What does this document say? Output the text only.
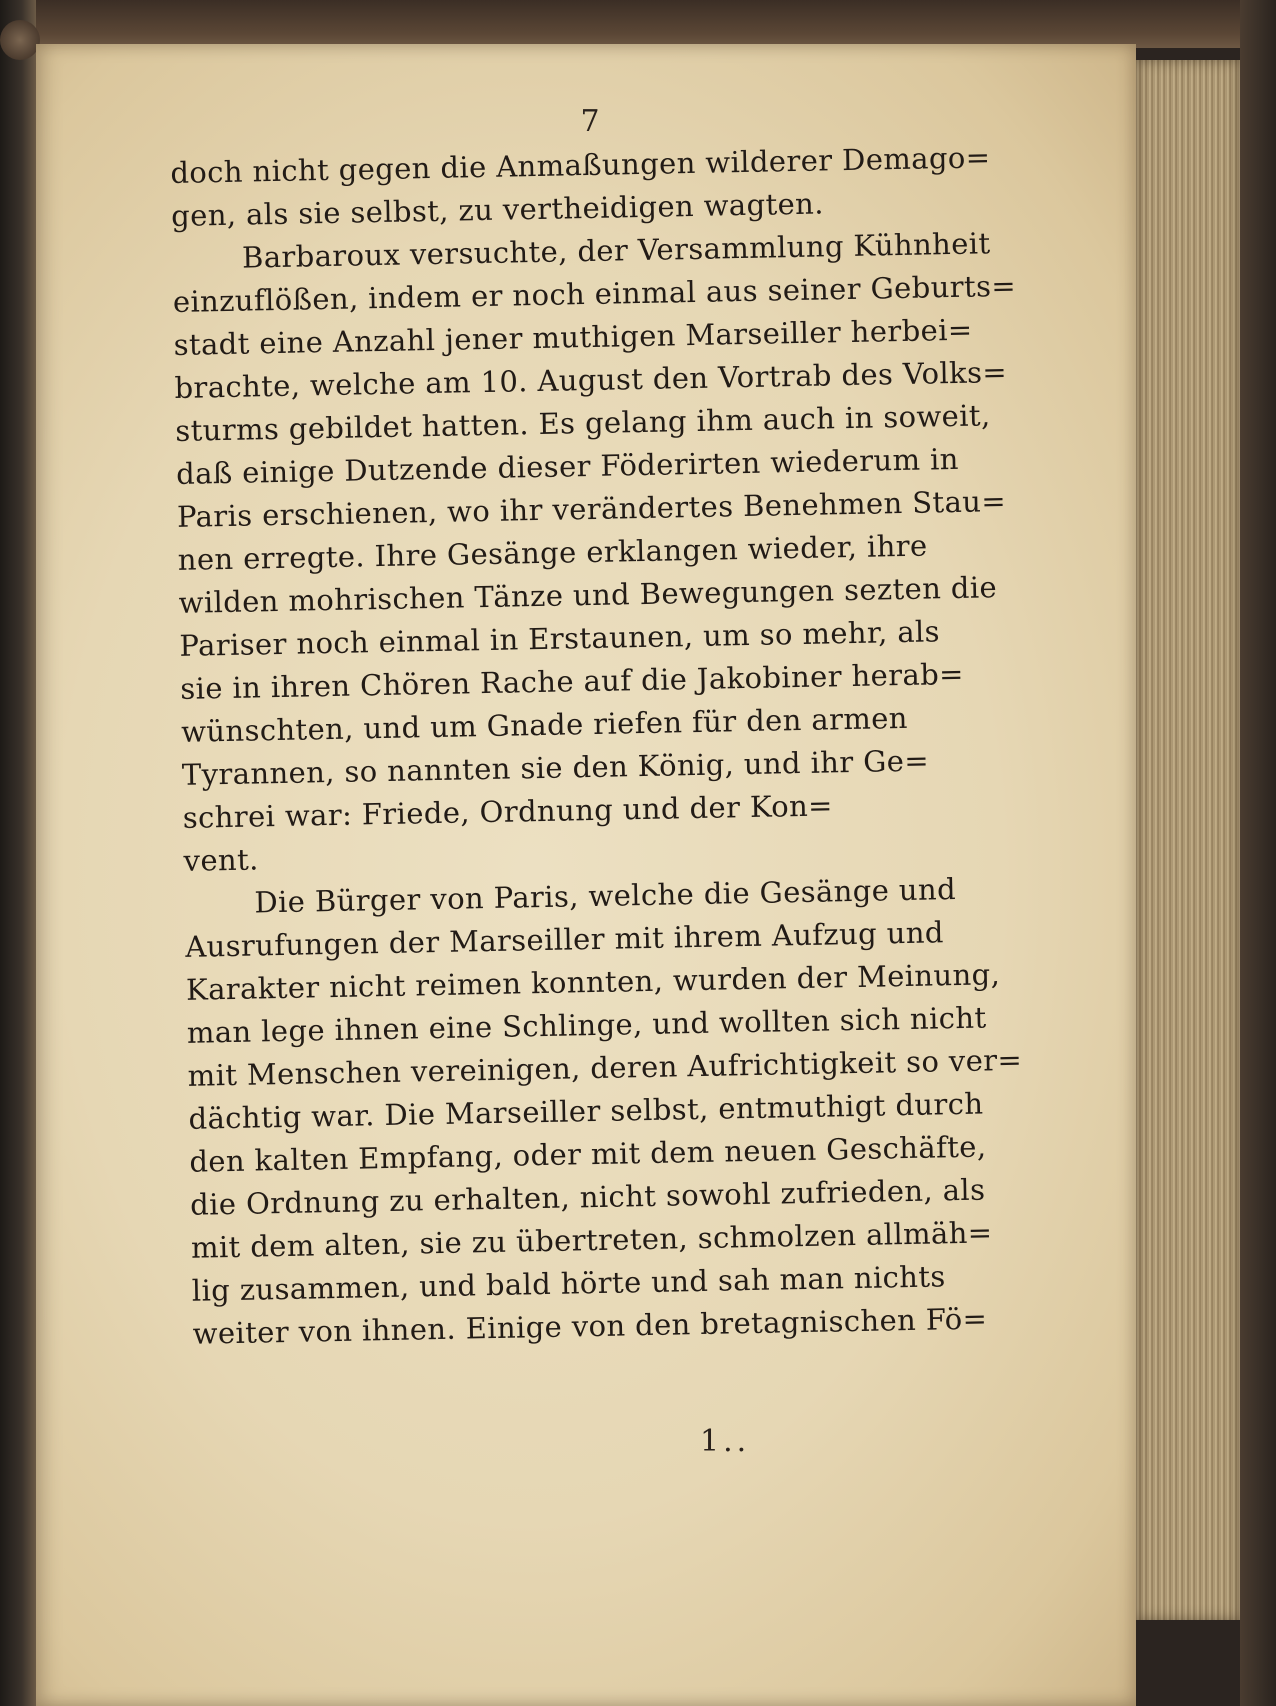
7
doch nicht gegen die Anmaßungen wilderer Demago=
gen, als sie selbst, zu vertheidigen wagten.
Barbaroux versuchte, der Versammlung Kühnheit
einzuflößen, indem er noch einmal aus seiner Geburts=
stadt eine Anzahl jener muthigen Marseiller herbei=
brachte, welche am 10. August den Vortrab des Volks=
sturms gebildet hatten. Es gelang ihm auch in soweit,
daß einige Dutzende dieser Föderirten wiederum in
Paris erschienen, wo ihr verändertes Benehmen Stau=
nen erregte. Ihre Gesänge erklangen wieder, ihre
wilden mohrischen Tänze und Bewegungen sezten die
Pariser noch einmal in Erstaunen, um so mehr, als
sie in ihren Chören Rache auf die Jakobiner herab=
wünschten, und um Gnade riefen für den armen
Tyrannen, so nannten sie den König, und ihr Ge=
schrei war: Friede, Ordnung und der Kon=
vent.
Die Bürger von Paris, welche die Gesänge und
Ausrufungen der Marseiller mit ihrem Aufzug und
Karakter nicht reimen konnten, wurden der Meinung,
man lege ihnen eine Schlinge, und wollten sich nicht
mit Menschen vereinigen, deren Aufrichtigkeit so ver=
dächtig war. Die Marseiller selbst, entmuthigt durch
den kalten Empfang, oder mit dem neuen Geschäfte,
die Ordnung zu erhalten, nicht sowohl zufrieden, als
mit dem alten, sie zu übertreten, schmolzen allmäh=
lig zusammen, und bald hörte und sah man nichts
weiter von ihnen. Einige von den bretagnischen Fö=
1..
